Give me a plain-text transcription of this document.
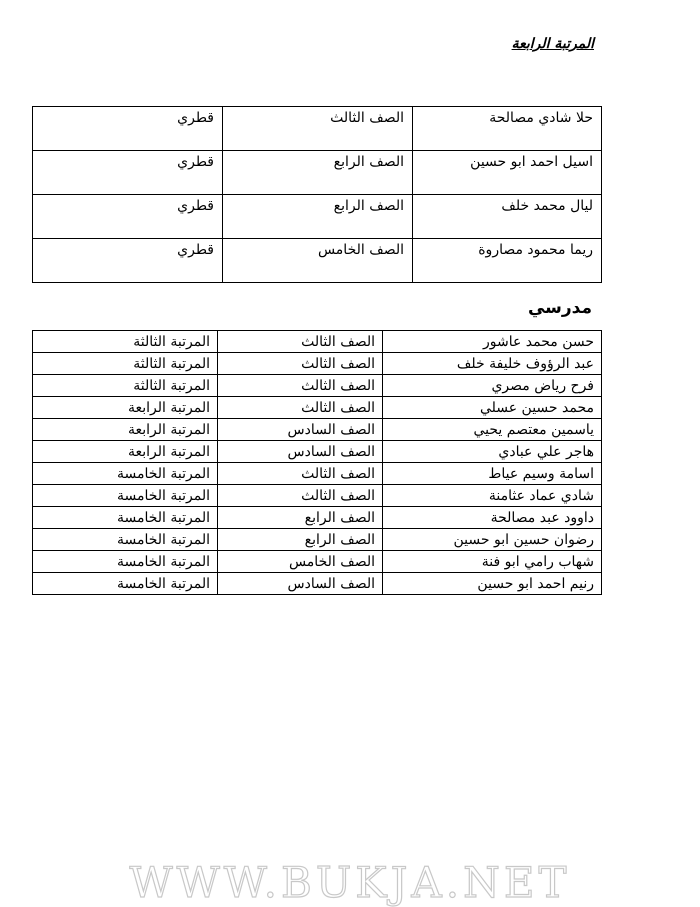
المرتبة الرابعة
حلا شادي مصالحة	الصف الثالث	قطري
اسيل احمد ابو حسين	الصف الرابع	قطري
ليال محمد خلف	الصف الرابع	قطري
ريما محمود مصاروة	الصف الخامس	قطري
مدرسي
حسن محمد عاشور	الصف الثالث	المرتبة الثالثة
عبد الرؤوف خليفة خلف	الصف الثالث	المرتبة الثالثة
فرح رياض مصري	الصف الثالث	المرتبة الثالثة
محمد حسين عسلي	الصف الثالث	المرتبة الرابعة
ياسمين معتصم يحيي	الصف السادس	المرتبة الرابعة
هاجر علي عبادي	الصف السادس	المرتبة الرابعة
اسامة وسيم عياط	الصف الثالث	المرتبة الخامسة
شادي عماد عثامنة	الصف الثالث	المرتبة الخامسة
داوود عبد مصالحة	الصف الرابع	المرتبة الخامسة
رضوان حسين ابو حسين	الصف الرابع	المرتبة الخامسة
شهاب رامي ابو فنة	الصف الخامس	المرتبة الخامسة
رنيم احمد ابو حسين	الصف السادس	المرتبة الخامسة
WWW.BUKJA.NET
